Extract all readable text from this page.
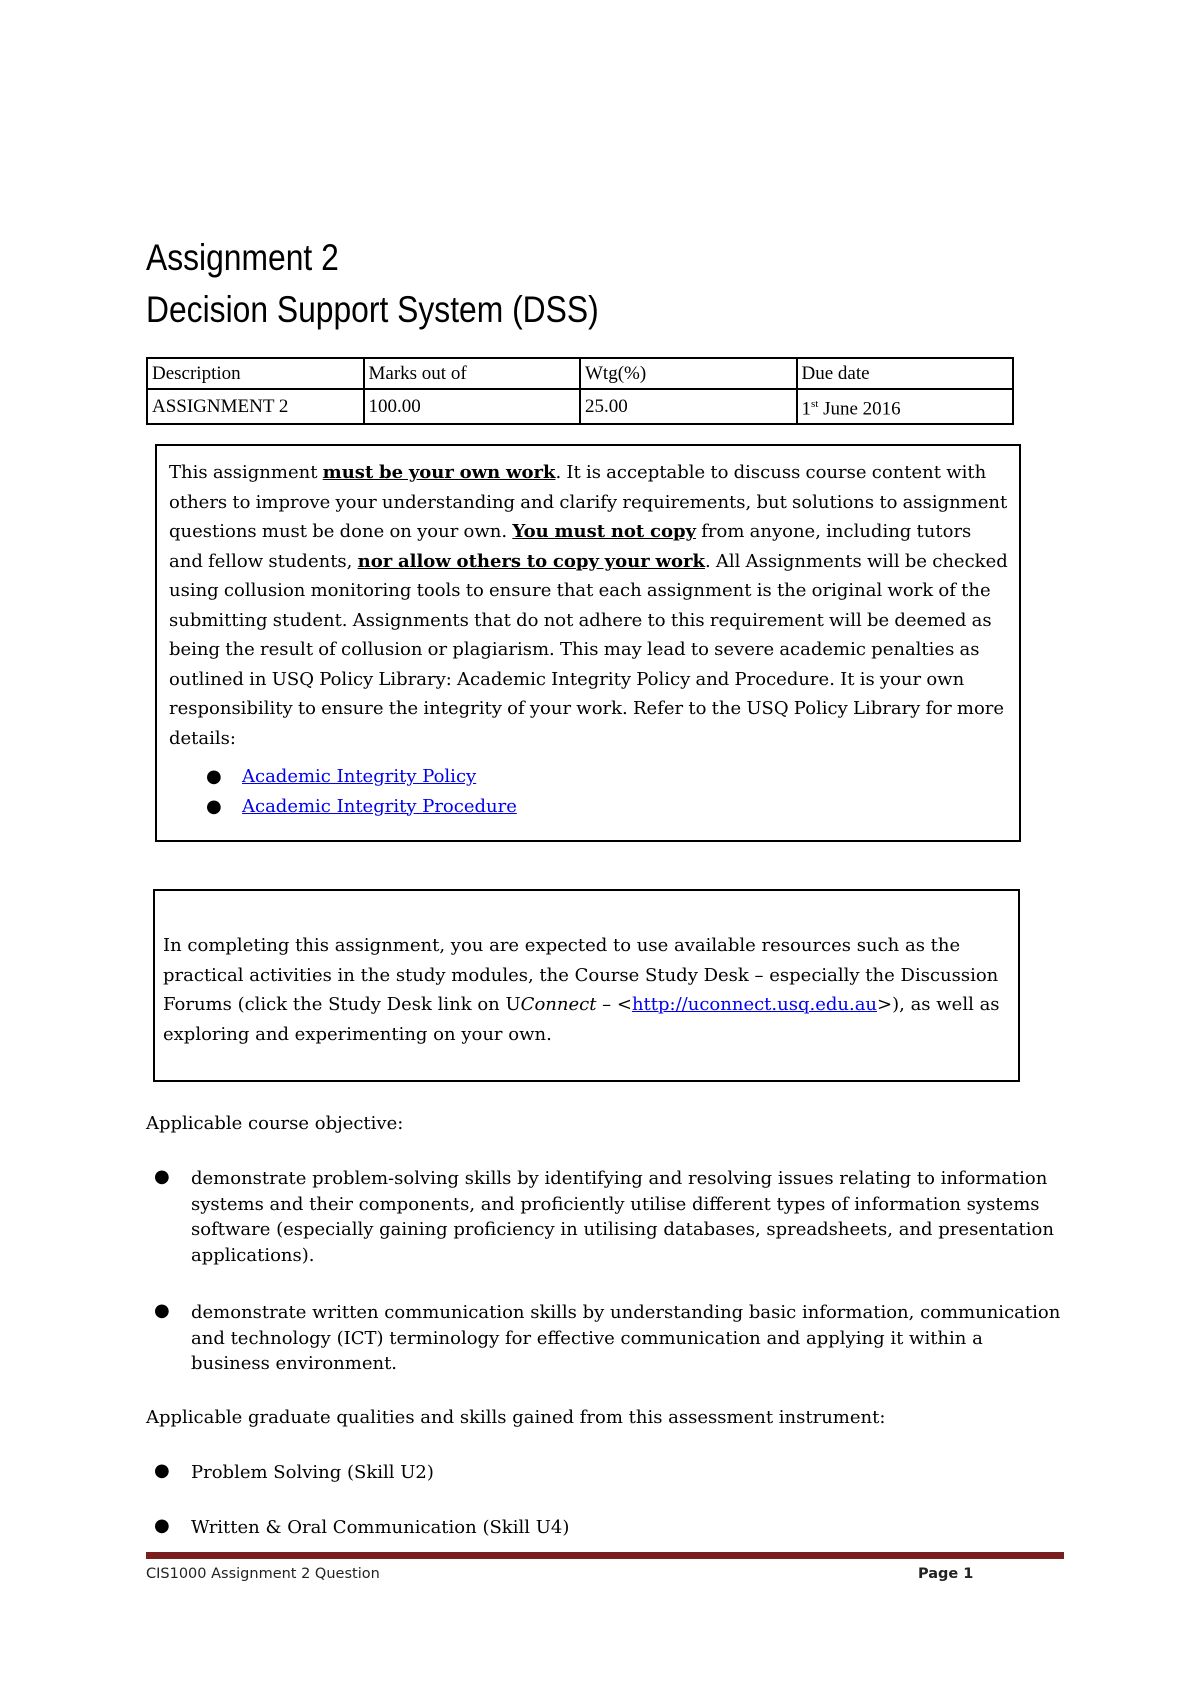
Assignment 2
Decision Support System (DSS)
Description	Marks out of	Wtg(%)	Due date
ASSIGNMENT 2	100.00	25.00	1st June 2016

This assignment must be your own work. It is acceptable to discuss course content with others to improve your understanding and clarify requirements, but solutions to assignment questions must be done on your own. You must not copy from anyone, including tutors and fellow students, nor allow others to copy your work. All Assignments will be checked using collusion monitoring tools to ensure that each assignment is the original work of the submitting student. Assignments that do not adhere to this requirement will be deemed as being the result of collusion or plagiarism. This may lead to severe academic penalties as outlined in USQ Policy Library: Academic Integrity Policy and Procedure. It is your own responsibility to ensure the integrity of your work. Refer to the USQ Policy Library for more details:

● Academic Integrity Policy
● Academic Integrity Procedure

In completing this assignment, you are expected to use available resources such as the practical activities in the study modules, the Course Study Desk – especially the Discussion Forums (click the Study Desk link on UConnect – <http://uconnect.usq.edu.au>), as well as exploring and experimenting on your own.

Applicable course objective:
● demonstrate problem-solving skills by identifying and resolving issues relating to information systems and their components, and proficiently utilise different types of information systems software (especially gaining proficiency in utilising databases, spreadsheets, and presentation applications).
● demonstrate written communication skills by understanding basic information, communication and technology (ICT) terminology for effective communication and applying it within a business environment.
Applicable graduate qualities and skills gained from this assessment instrument:
● Problem Solving (Skill U2)
● Written & Oral Communication (Skill U4)
CIS1000 Assignment 2 Question	Page 1
